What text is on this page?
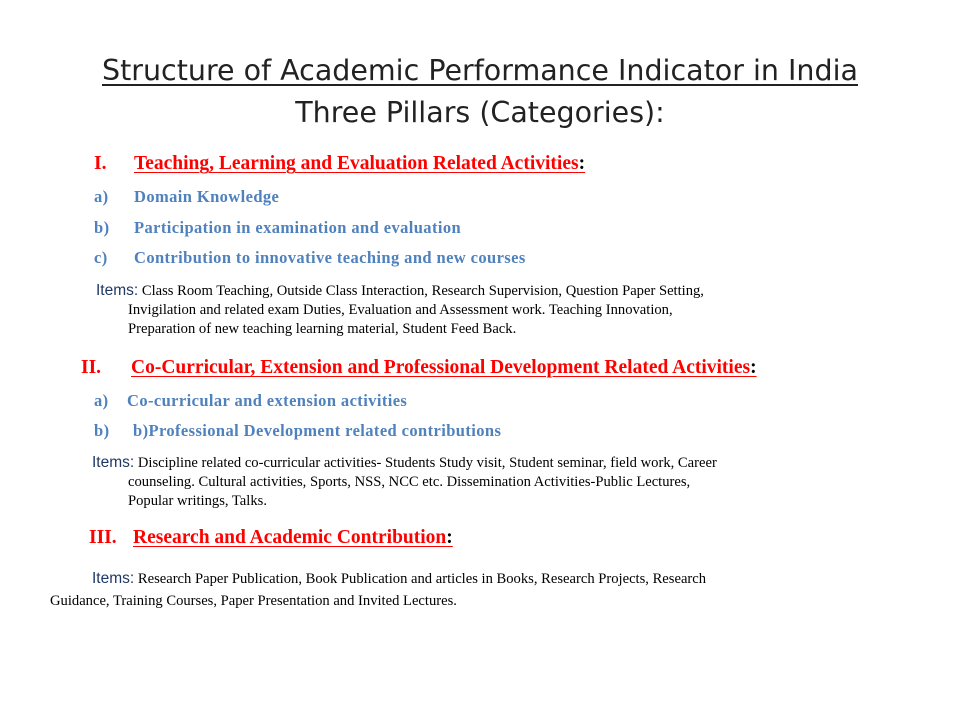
Structure of Academic Performance Indicator in India
Three Pillars (Categories):
I. Teaching, Learning and Evaluation Related Activities:
a) Domain Knowledge
b) Participation in examination and evaluation
c) Contribution to innovative teaching and new courses
Items: Class Room Teaching, Outside Class Interaction, Research Supervision, Question Paper Setting,
Invigilation and related exam Duties, Evaluation and Assessment work. Teaching Innovation,
Preparation of new teaching learning material, Student Feed Back.
II. Co-Curricular, Extension and Professional Development Related Activities:
a) Co-curricular and extension activities
b) b)Professional Development related contributions
Items: Discipline related co-curricular activities- Students Study visit, Student seminar, field work, Career
counseling. Cultural activities, Sports, NSS, NCC etc. Dissemination Activities-Public Lectures,
Popular writings, Talks.
III. Research and Academic Contribution:
Items: Research Paper Publication, Book Publication and articles in Books, Research Projects, Research
Guidance, Training Courses, Paper Presentation and Invited Lectures.
